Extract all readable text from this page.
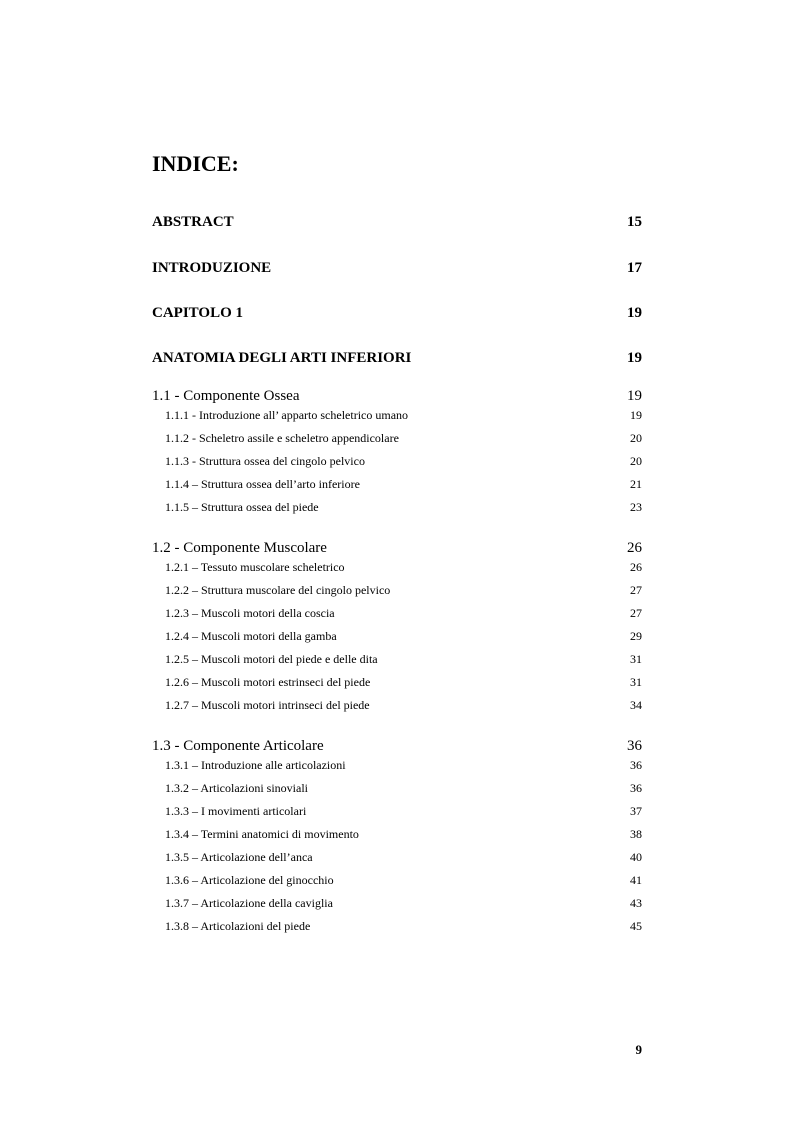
INDICE:
ABSTRACT	15
INTRODUZIONE	17
CAPITOLO 1	19
ANATOMIA DEGLI ARTI INFERIORI	19
1.1 - Componente Ossea	19
1.1.1 - Introduzione all’ apparto scheletrico umano	19
1.1.2 - Scheletro assile e scheletro appendicolare	20
1.1.3 - Struttura ossea del cingolo pelvico	20
1.1.4 – Struttura ossea dell’arto inferiore	21
1.1.5 – Struttura ossea del piede	23
1.2 - Componente Muscolare	26
1.2.1 – Tessuto muscolare scheletrico	26
1.2.2 – Struttura muscolare del cingolo pelvico	27
1.2.3 – Muscoli motori della coscia	27
1.2.4 – Muscoli motori della gamba	29
1.2.5 – Muscoli motori del piede e delle dita	31
1.2.6 – Muscoli motori estrinseci del piede	31
1.2.7 – Muscoli motori intrinseci del piede	34
1.3 - Componente Articolare	36
1.3.1 – Introduzione alle articolazioni	36
1.3.2 – Articolazioni sinoviali	36
1.3.3 – I movimenti articolari	37
1.3.4 – Termini anatomici di movimento	38
1.3.5 – Articolazione dell’anca	40
1.3.6 – Articolazione del ginocchio	41
1.3.7 – Articolazione della caviglia	43
1.3.8 – Articolazioni del piede	45
9
